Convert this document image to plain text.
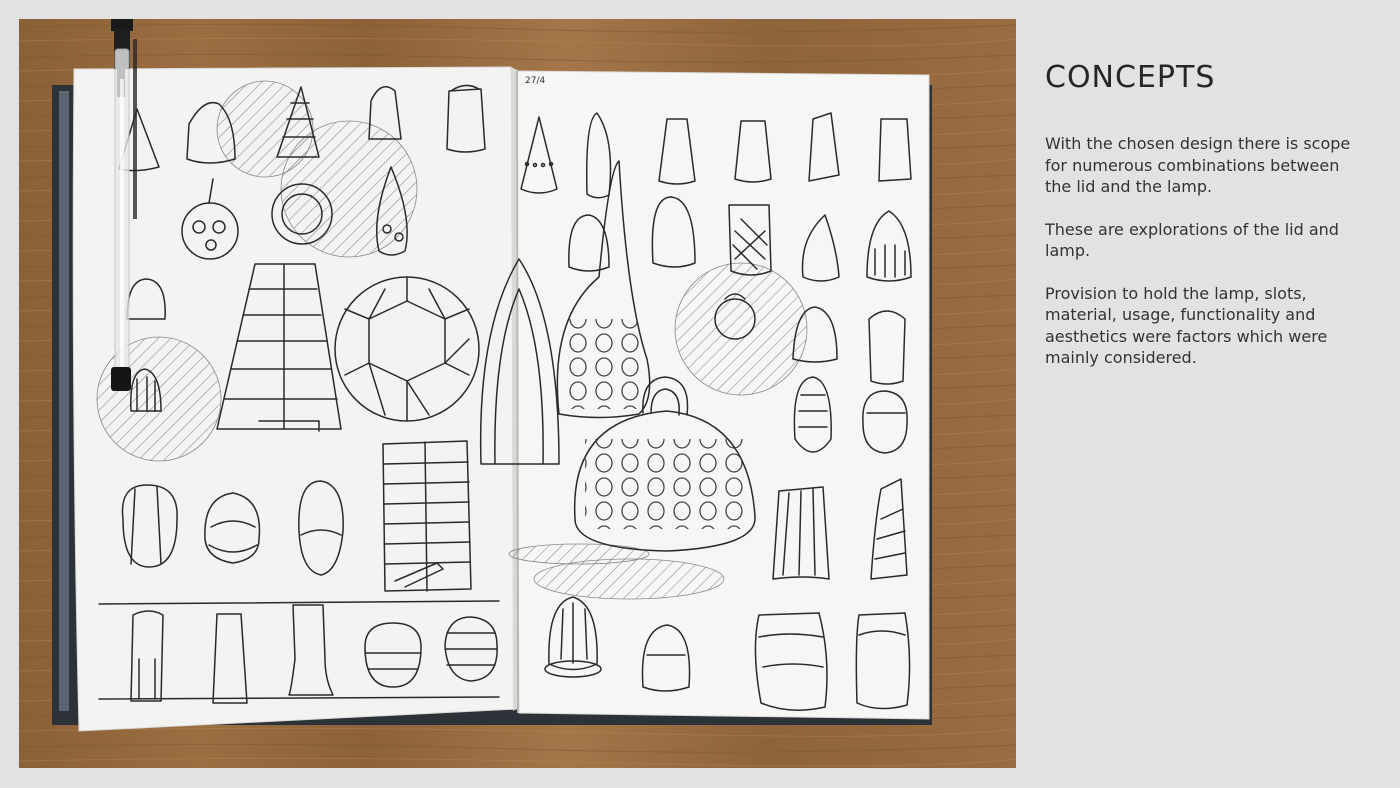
27/4	CONCEPTS

With the chosen design there is scope for numerous combinations between the lid and the lamp.

These are explorations of the lid and lamp.

Provision to hold the lamp, slots, material, usage, functionality and aesthetics were factors which were mainly considered.
